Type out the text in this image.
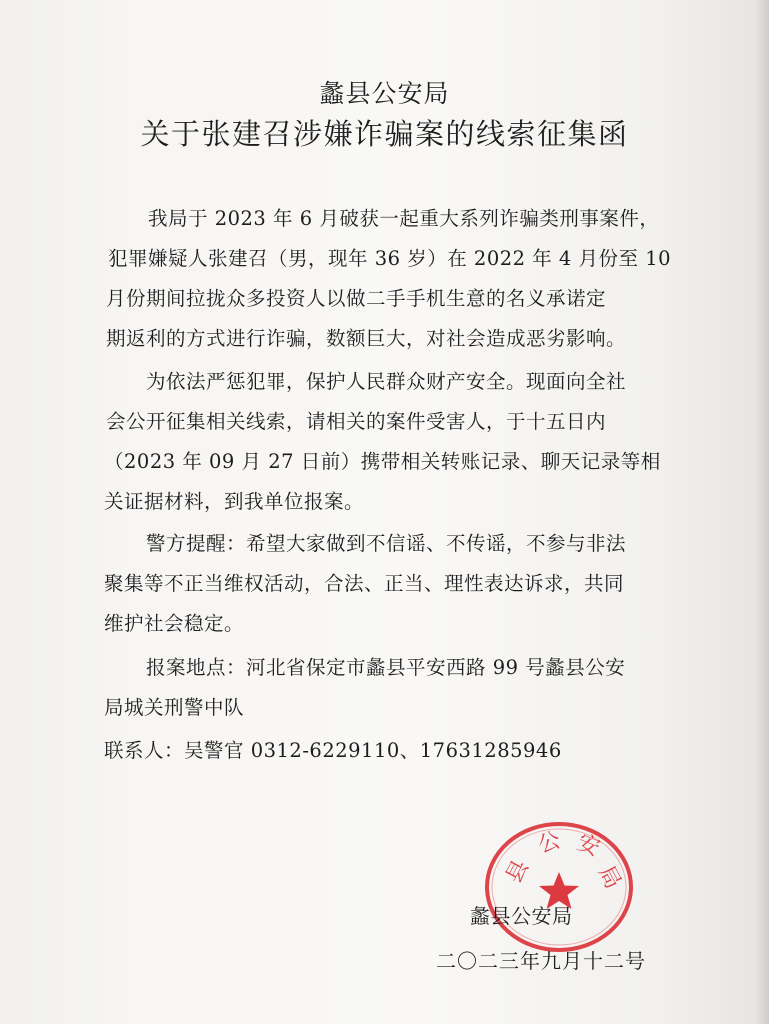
蠡县公安局
关于张建召涉嫌诈骗案的线索征集函
我局于 2023 年 6 月破获一起重大系列诈骗类刑事案件，
犯罪嫌疑人张建召（男，现年 36 岁）在 2022 年 4 月份至 10
月份期间拉拢众多投资人以做二手手机生意的名义承诺定
期返利的方式进行诈骗，数额巨大，对社会造成恶劣影响。
为依法严惩犯罪，保护人民群众财产安全。现面向全社
会公开征集相关线索，请相关的案件受害人，于十五日内
（2023 年 09 月 27 日前）携带相关转账记录、聊天记录等相
关证据材料，到我单位报案。
警方提醒：希望大家做到不信谣、不传谣，不参与非法
聚集等不正当维权活动，合法、正当、理性表达诉求，共同
维护社会稳定。
报案地点：河北省保定市蠡县平安西路 99 号蠡县公安
局城关刑警中队
联系人：吴警官 0312-6229110、17631285946
县
公 安
局
蠡县公安局
二〇二三年九月十二号
